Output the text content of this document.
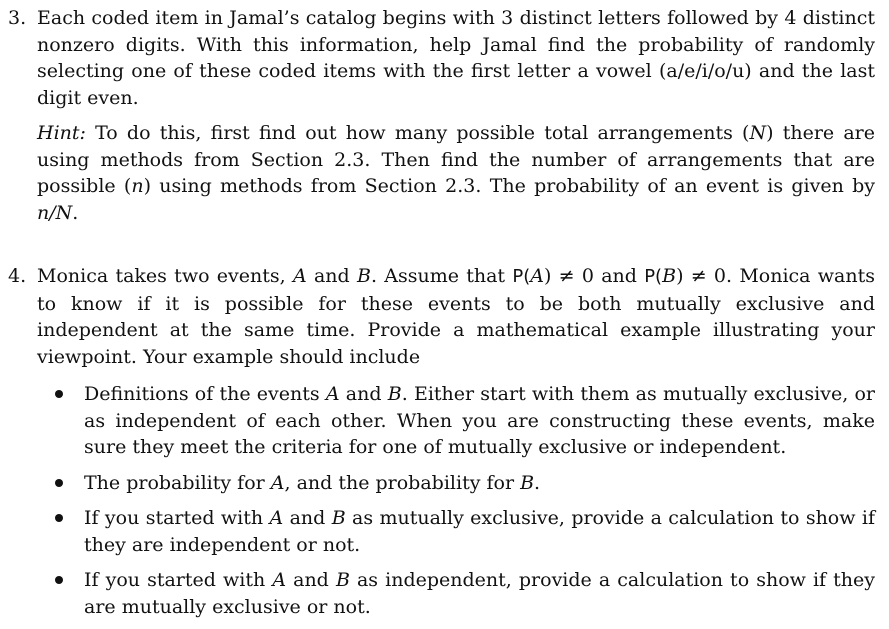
3. Each coded item in Jamal’s catalog begins with 3 distinct letters followed by 4 distinct nonzero digits. With this information, help Jamal find the probability of randomly selecting one of these coded items with the first letter a vowel (a/e/i/o/u) and the last digit even.

Hint: To do this, first find out how many possible total arrangements (N) there are using methods from Section 2.3. Then find the number of arrangements that are possible (n) using methods from Section 2.3. The probability of an event is given by n/N.

4. Monica takes two events, A and B. Assume that P(A) ≠ 0 and P(B) ≠ 0. Monica wants to know if it is possible for these events to be both mutually exclusive and independent at the same time. Provide a mathematical example illustrating your viewpoint. Your example should include

Definitions of the events A and B. Either start with them as mutually exclusive, or as independent of each other. When you are constructing these events, make sure they meet the criteria for one of mutually exclusive or independent.
The probability for A, and the probability for B.
If you started with A and B as mutually exclusive, provide a calculation to show if they are independent or not.
If you started with A and B as independent, provide a calculation to show if they are mutually exclusive or not.
